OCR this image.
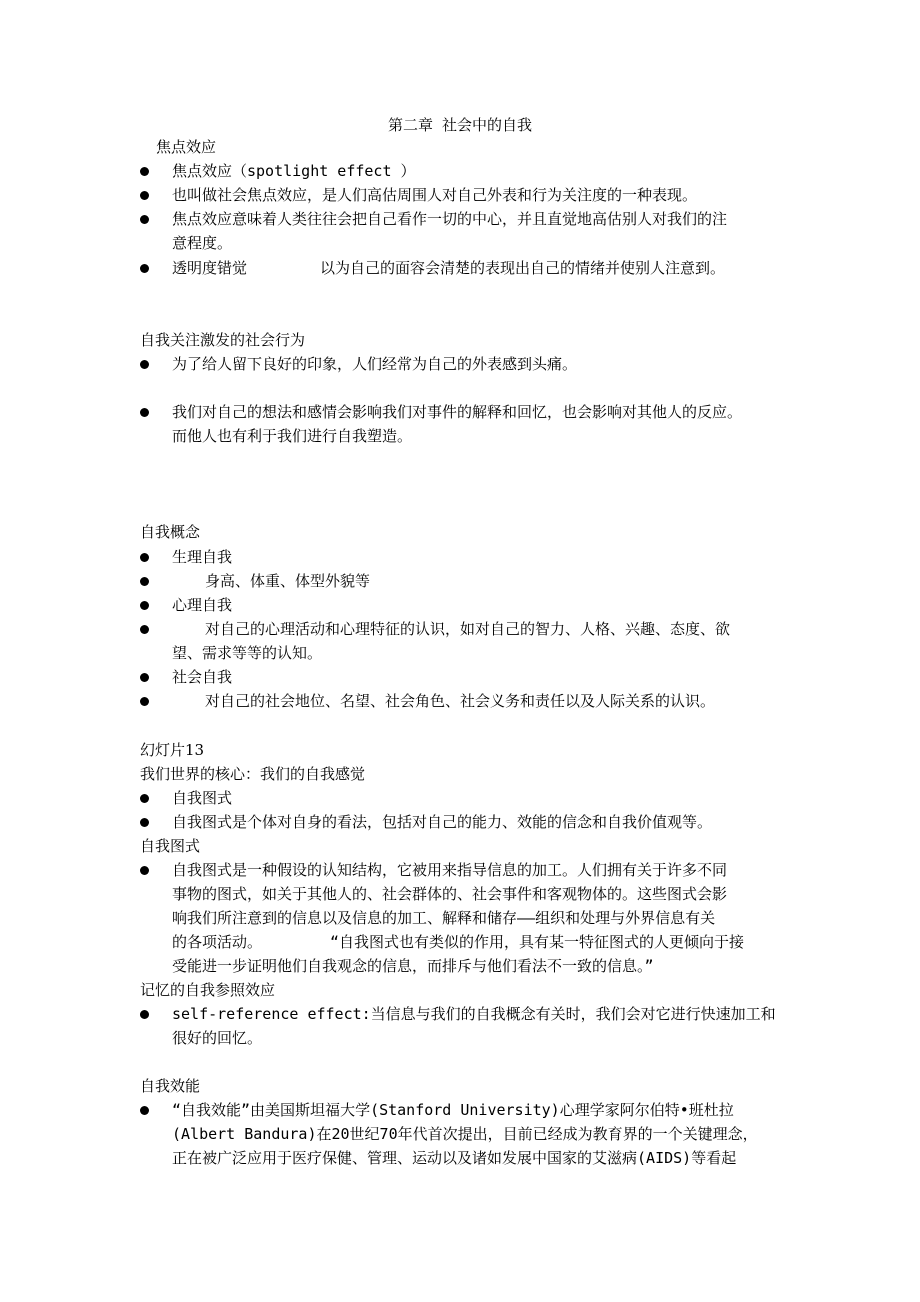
第二章 社会中的自我
焦点效应
焦点效应（spotlight effect ）
也叫做社会焦点效应，是人们高估周围人对自己外表和行为关注度的一种表现。
焦点效应意味着人类往往会把自己看作一切的中心，并且直觉地高估别人对我们的注
意程度。
透明度错觉	以为自己的面容会清楚的表现出自己的情绪并使别人注意到。
自我关注激发的社会行为
为了给人留下良好的印象，人们经常为自己的外表感到头痛。
我们对自己的想法和感情会影响我们对事件的解释和回忆，也会影响对其他人的反应。
而他人也有利于我们进行自我塑造。
自我概念
生理自我
身高、体重、体型外貌等
心理自我
对自己的心理活动和心理特征的认识，如对自己的智力、人格、兴趣、态度、欲
望、需求等等的认知。
社会自我
对自己的社会地位、名望、社会角色、社会义务和责任以及人际关系的认识。
幻灯片13
我们世界的核心：我们的自我感觉
自我图式
自我图式是个体对自身的看法，包括对自己的能力、效能的信念和自我价值观等。
自我图式
自我图式是一种假设的认知结构，它被用来指导信息的加工。人们拥有关于许多不同
事物的图式，如关于其他人的、社会群体的、社会事件和客观物体的。这些图式会影
响我们所注意到的信息以及信息的加工、解释和储存——组织和处理与外界信息有关
的各项活动。	“自我图式也有类似的作用，具有某一特征图式的人更倾向于接
受能进一步证明他们自我观念的信息，而排斥与他们看法不一致的信息。”
记忆的自我参照效应
self-reference effect:当信息与我们的自我概念有关时，我们会对它进行快速加工和
很好的回忆。
自我效能
“自我效能”由美国斯坦福大学(Stanford University)心理学家阿尔伯特•班杜拉
(Albert Bandura)在20世纪70年代首次提出，目前已经成为教育界的一个关键理念，
正在被广泛应用于医疗保健、管理、运动以及诸如发展中国家的艾滋病(AIDS)等看起
